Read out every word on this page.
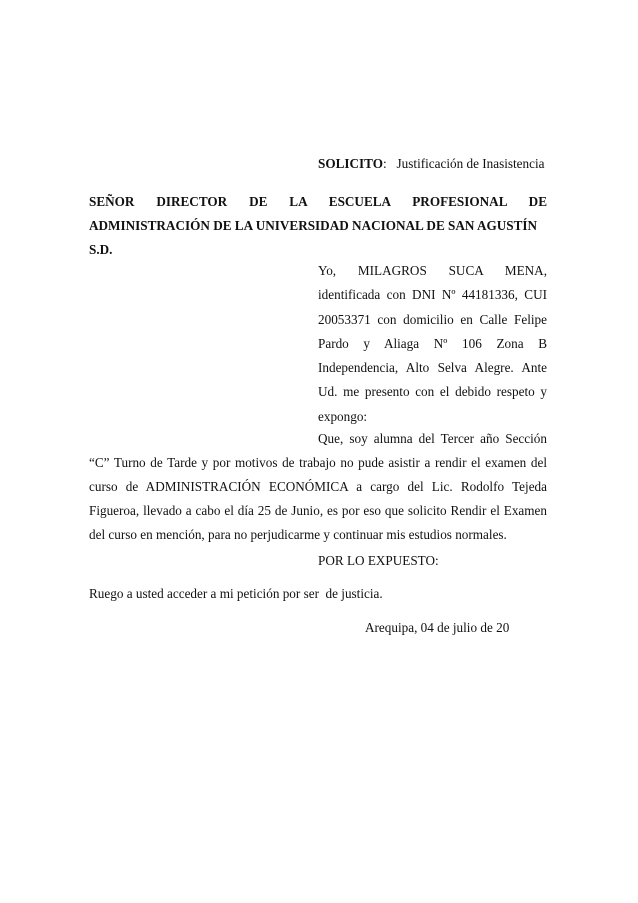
SOLICITO:   Justificación de Inasistencia

SEÑOR DIRECTOR DE LA ESCUELA PROFESIONAL DE
ADMINISTRACIÓN DE LA UNIVERSIDAD NACIONAL DE SAN AGUSTÍN
S.D.

Yo, MILAGROS SUCA MENA, identificada con DNI Nº 44181336, CUI 20053371 con domicilio en Calle Felipe Pardo y Aliaga Nº 106 Zona B Independencia, Alto Selva Alegre. Ante Ud. me presento con el debido respeto y expongo:

Que, soy alumna del Tercer año Sección “C” Turno de Tarde y por motivos de trabajo no pude asistir a rendir el examen del curso de ADMINISTRACIÓN ECONÓMICA a cargo del Lic. Rodolfo Tejeda Figueroa, llevado a cabo el día 25 de Junio, es por eso que solicito Rendir el Examen del curso en mención, para no perjudicarme y continuar mis estudios normales.

POR LO EXPUESTO:

Ruego a usted acceder a mi petición por ser  de justicia.

Arequipa, 04 de julio de 20
